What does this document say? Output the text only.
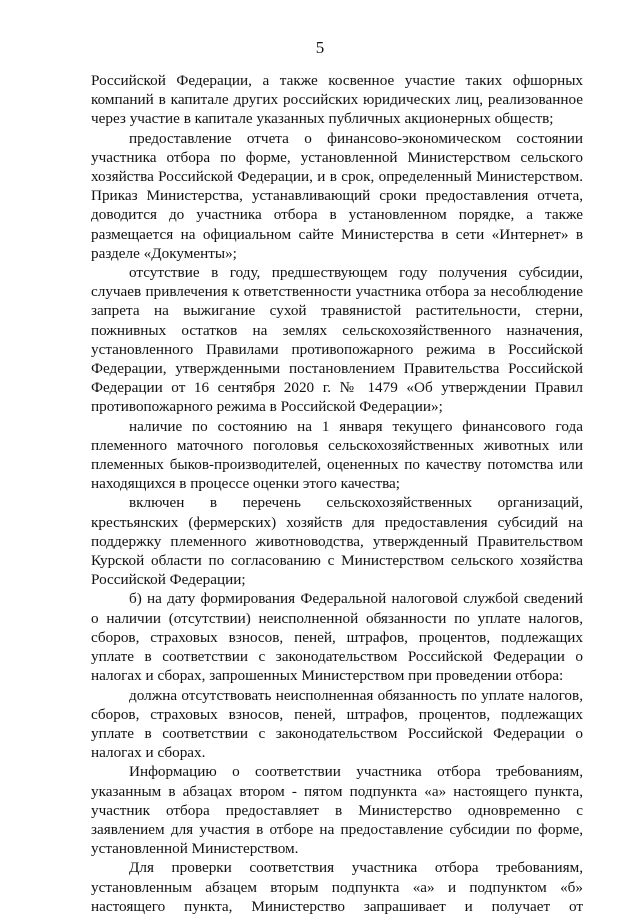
5

Российской Федерации, а также косвенное участие таких офшорных компаний в капитале других российских юридических лиц, реализованное через участие в капитале указанных публичных акционерных обществ;

предоставление отчета о финансово-экономическом состоянии участника отбора по форме, установленной Министерством сельского хозяйства Российской Федерации, и в срок, определенный Министерством. Приказ Министерства, устанавливающий сроки предоставления отчета, доводится до участника отбора в установленном порядке, а также размещается на официальном сайте Министерства в сети «Интернет» в разделе «Документы»;

отсутствие в году, предшествующем году получения субсидии, случаев привлечения к ответственности участника отбора за несоблюдение запрета на выжигание сухой травянистой растительности, стерни, пожнивных остатков на землях сельскохозяйственного назначения, установленного Правилами противопожарного режима в Российской Федерации, утвержденными постановлением Правительства Российской Федерации от 16 сентября 2020 г. № 1479 «Об утверждении Правил противопожарного режима в Российской Федерации»;

наличие по состоянию на 1 января текущего финансового года племенного маточного поголовья сельскохозяйственных животных или племенных быков-производителей, оцененных по качеству потомства или находящихся в процессе оценки этого качества;

включен в перечень сельскохозяйственных организаций, крестьянских (фермерских) хозяйств для предоставления субсидий на поддержку племенного животноводства, утвержденный Правительством Курской области по согласованию с Министерством сельского хозяйства Российской Федерации;

б) на дату формирования Федеральной налоговой службой сведений о наличии (отсутствии) неисполненной обязанности по уплате налогов, сборов, страховых взносов, пеней, штрафов, процентов, подлежащих уплате в соответствии с законодательством Российской Федерации о налогах и сборах, запрошенных Министерством при проведении отбора:

должна отсутствовать неисполненная обязанность по уплате налогов, сборов, страховых взносов, пеней, штрафов, процентов, подлежащих уплате в соответствии с законодательством Российской Федерации о налогах и сборах.

Информацию о соответствии участника отбора требованиям, указанным в абзацах втором - пятом подпункта «а» настоящего пункта, участник отбора предоставляет в Министерство одновременно с заявлением для участия в отборе на предоставление субсидии по форме, установленной Министерством.

Для проверки соответствия участника отбора требованиям, установленным абзацем вторым подпункта «а» и подпунктом «б» настоящего пункта, Министерство запрашивает и получает от
